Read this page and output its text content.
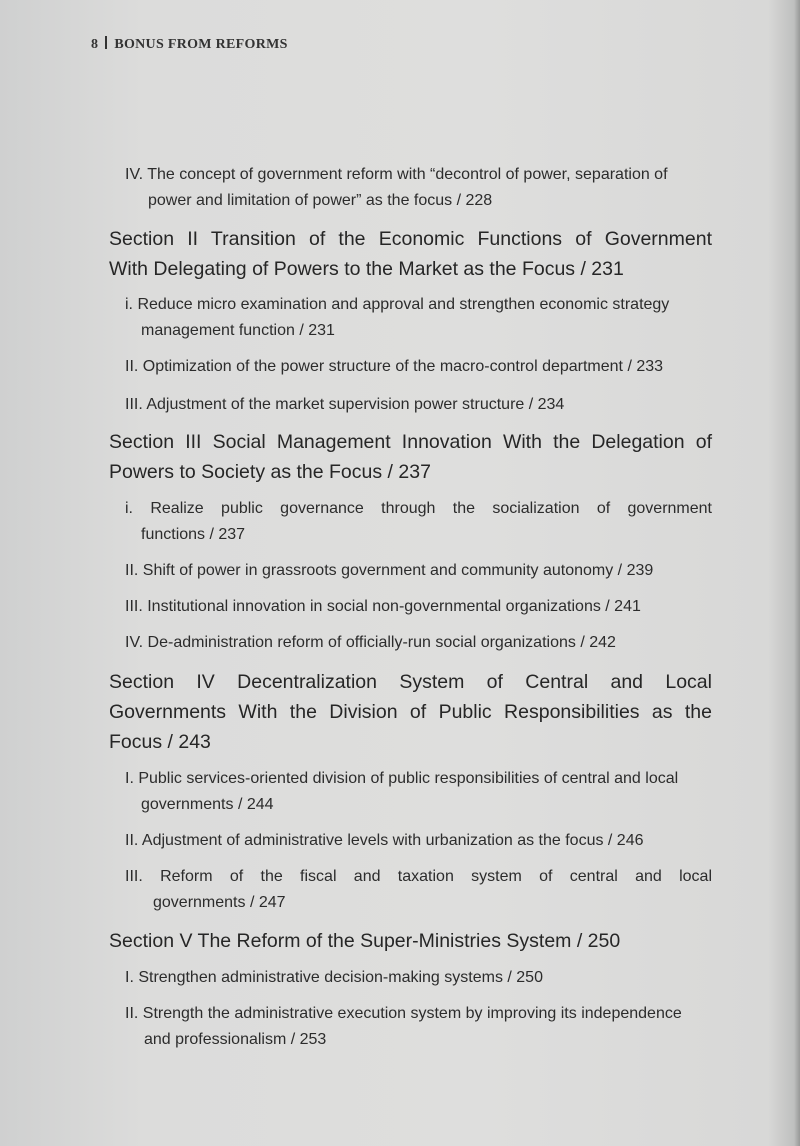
8 BONUS FROM REFORMS
IV. The concept of government reform with “decontrol of power, separation of
power and limitation of power” as the focus / 228
Section II Transition of the Economic Functions of Government
With Delegating of Powers to the Market as the Focus / 231
i. Reduce micro examination and approval and strengthen economic strategy
management function / 231
II. Optimization of the power structure of the macro-control department / 233
III. Adjustment of the market supervision power structure / 234
Section III Social Management Innovation With the Delegation of
Powers to Society as the Focus / 237
i. Realize public governance through the socialization of government
functions / 237
II. Shift of power in grassroots government and community autonomy / 239
III. Institutional innovation in social non-governmental organizations / 241
IV. De-administration reform of officially-run social organizations / 242
Section IV Decentralization System of Central and Local
Governments With the Division of Public Responsibilities as the
Focus / 243
I. Public services-oriented division of public responsibilities of central and local
governments / 244
II. Adjustment of administrative levels with urbanization as the focus / 246
III. Reform of the fiscal and taxation system of central and local
governments / 247
Section V The Reform of the Super-Ministries System / 250
I. Strengthen administrative decision-making systems / 250
II. Strength the administrative execution system by improving its independence
and professionalism / 253
